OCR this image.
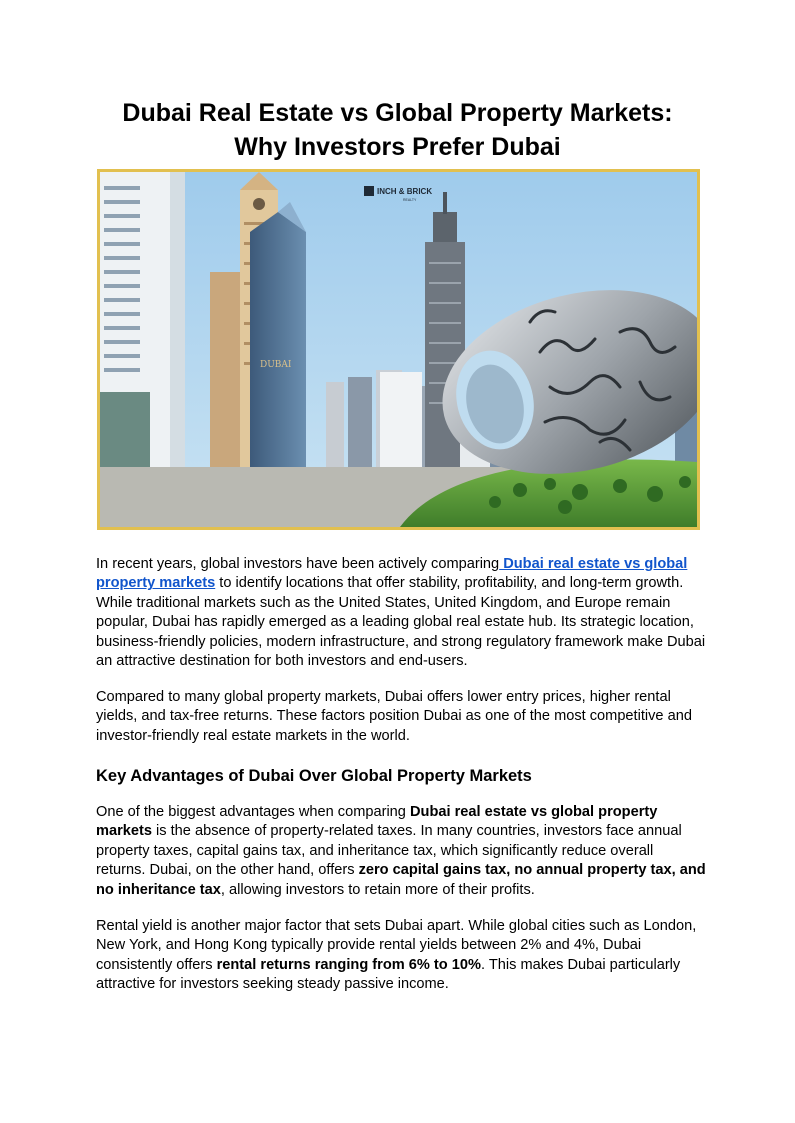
Dubai Real Estate vs Global Property Markets:
Why Investors Prefer Dubai
DUBAI
INCH & BRICK
REALTY

In recent years, global investors have been actively comparing Dubai real estate vs global property markets to identify locations that offer stability, profitability, and long-term growth. While traditional markets such as the United States, United Kingdom, and Europe remain popular, Dubai has rapidly emerged as a leading global real estate hub. Its strategic location, business-friendly policies, modern infrastructure, and strong regulatory framework make Dubai an attractive destination for both investors and end-users.

Compared to many global property markets, Dubai offers lower entry prices, higher rental yields, and tax-free returns. These factors position Dubai as one of the most competitive and investor-friendly real estate markets in the world.

Key Advantages of Dubai Over Global Property Markets

One of the biggest advantages when comparing Dubai real estate vs global property markets is the absence of property-related taxes. In many countries, investors face annual property taxes, capital gains tax, and inheritance tax, which significantly reduce overall returns. Dubai, on the other hand, offers zero capital gains tax, no annual property tax, and no inheritance tax, allowing investors to retain more of their profits.

Rental yield is another major factor that sets Dubai apart. While global cities such as London, New York, and Hong Kong typically provide rental yields between 2% and 4%, Dubai consistently offers rental returns ranging from 6% to 10%. This makes Dubai particularly attractive for investors seeking steady passive income.
